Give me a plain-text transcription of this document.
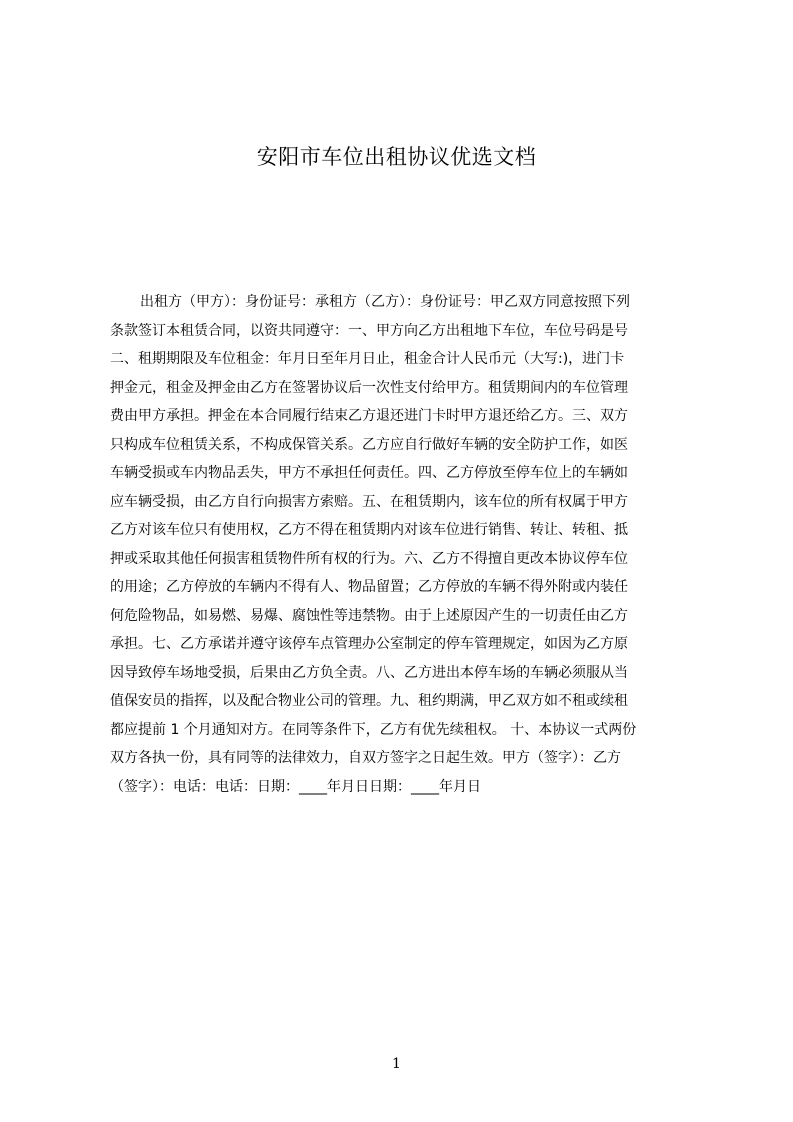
安阳市车位出租协议优选文档
出租方（甲方）：身份证号：承租方（乙方）：身份证号：甲乙双方同意按照下列
条款签订本租赁合同，以资共同遵守：一、甲方向乙方出租地下车位，车位号码是号
二、租期期限及车位租金：年月日至年月日止，租金合计人民币元（大写:)，进门卡
押金元，租金及押金由乙方在签署协议后一次性支付给甲方。租赁期间内的车位管理
费由甲方承担。押金在本合同履行结束乙方退还进门卡时甲方退还给乙方。三、双方
只构成车位租赁关系，不构成保管关系。乙方应自行做好车辆的安全防护工作，如医
车辆受损或车内物品丢失，甲方不承担任何责任。四、乙方停放至停车位上的车辆如
应车辆受损，由乙方自行向损害方索赔。五、在租赁期内，该车位的所有权属于甲方
乙方对该车位只有使用权，乙方不得在租赁期内对该车位进行销售、转让、转租、抵
押或采取其他任何损害租赁物件所有权的行为。六、乙方不得擅自更改本协议停车位
的用途；乙方停放的车辆内不得有人、物品留置；乙方停放的车辆不得外附或内装任
何危险物品，如易燃、易爆、腐蚀性等违禁物。由于上述原因产生的一切责任由乙方
承担。七、乙方承诺并遵守该停车点管理办公室制定的停车管理规定，如因为乙方原
因导致停车场地受损，后果由乙方负全责。八、乙方进出本停车场的车辆必须服从当
值保安员的指挥，以及配合物业公司的管理。九、租约期满，甲乙双方如不租或续租
都应提前 1 个月通知对方。在同等条件下，乙方有优先续租权。 十、本协议一式两份
双方各执一份，具有同等的法律效力，自双方签字之日起生效。甲方（签字）：乙方
（签字）：电话：电话：日期：____年月日日期：____年月日
1
